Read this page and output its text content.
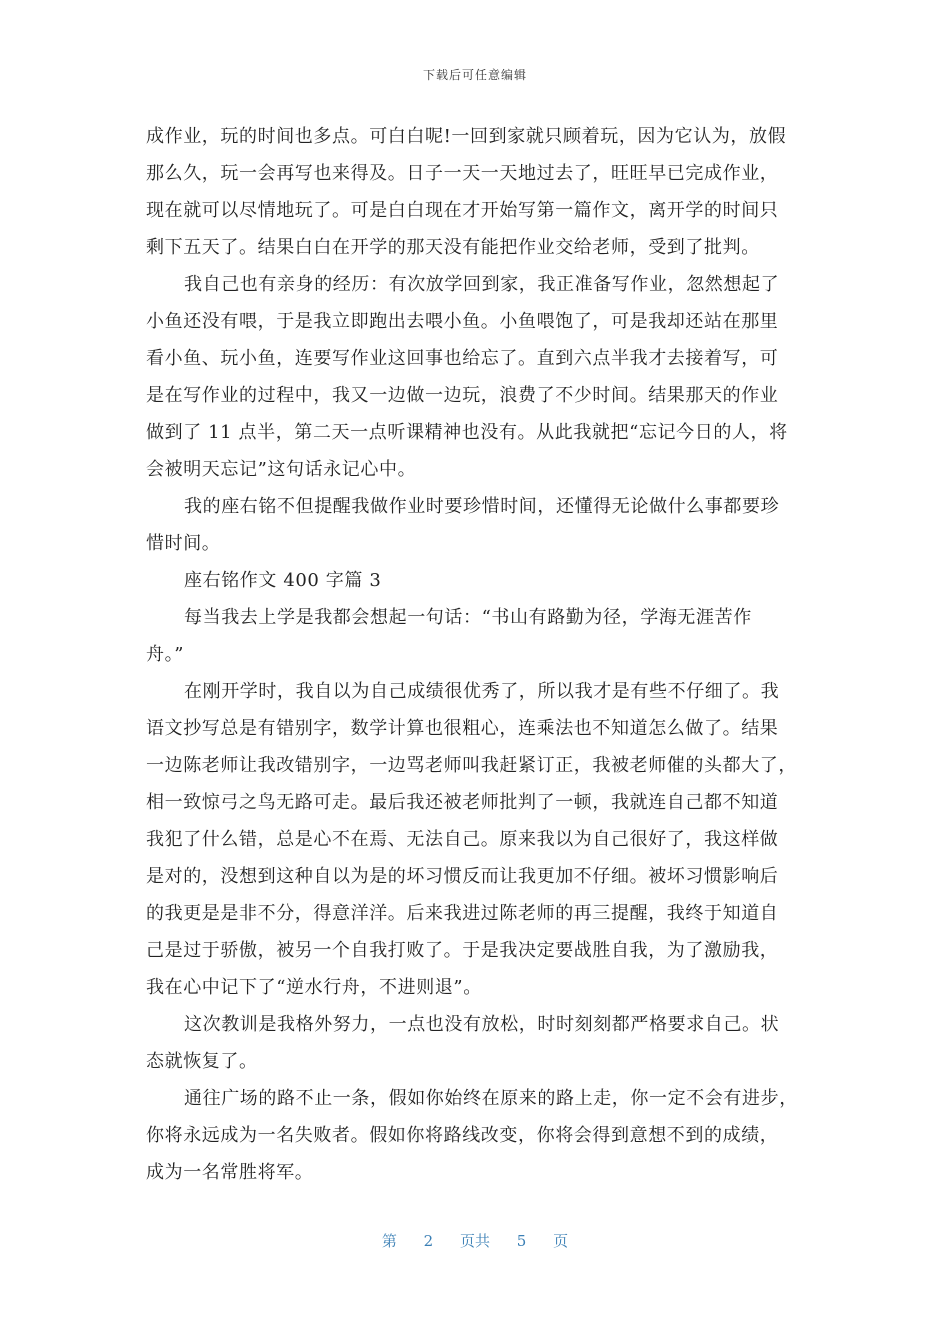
下载后可任意编辑
成作业，玩的时间也多点。可白白呢!一回到家就只顾着玩，因为它认为，放假
那么久，玩一会再写也来得及。日子一天一天地过去了，旺旺早已完成作业，
现在就可以尽情地玩了。可是白白现在才开始写第一篇作文，离开学的时间只
剩下五天了。结果白白在开学的那天没有能把作业交给老师，受到了批判。
我自己也有亲身的经历：有次放学回到家，我正准备写作业，忽然想起了
小鱼还没有喂，于是我立即跑出去喂小鱼。小鱼喂饱了，可是我却还站在那里
看小鱼、玩小鱼，连要写作业这回事也给忘了。直到六点半我才去接着写，可
是在写作业的过程中，我又一边做一边玩，浪费了不少时间。结果那天的作业
做到了 11 点半，第二天一点听课精神也没有。从此我就把“忘记今日的人，将
会被明天忘记”这句话永记心中。
我的座右铭不但提醒我做作业时要珍惜时间，还懂得无论做什么事都要珍
惜时间。
座右铭作文 400 字篇 3
每当我去上学是我都会想起一句话：“书山有路勤为径，学海无涯苦作
舟。”
在刚开学时，我自以为自己成绩很优秀了，所以我才是有些不仔细了。我
语文抄写总是有错别字，数学计算也很粗心，连乘法也不知道怎么做了。结果
一边陈老师让我改错别字，一边骂老师叫我赶紧订正，我被老师催的头都大了，
相一致惊弓之鸟无路可走。最后我还被老师批判了一顿，我就连自己都不知道
我犯了什么错，总是心不在焉、无法自己。原来我以为自己很好了，我这样做
是对的，没想到这种自以为是的坏习惯反而让我更加不仔细。被坏习惯影响后
的我更是是非不分，得意洋洋。后来我进过陈老师的再三提醒，我终于知道自
己是过于骄傲，被另一个自我打败了。于是我决定要战胜自我，为了激励我，
我在心中记下了“逆水行舟，不进则退”。
这次教训是我格外努力，一点也没有放松，时时刻刻都严格要求自己。状
态就恢复了。
通往广场的路不止一条，假如你始终在原来的路上走，你一定不会有进步，
你将永远成为一名失败者。假如你将路线改变，你将会得到意想不到的成绩，
成为一名常胜将军。
第 2 页共 5 页
